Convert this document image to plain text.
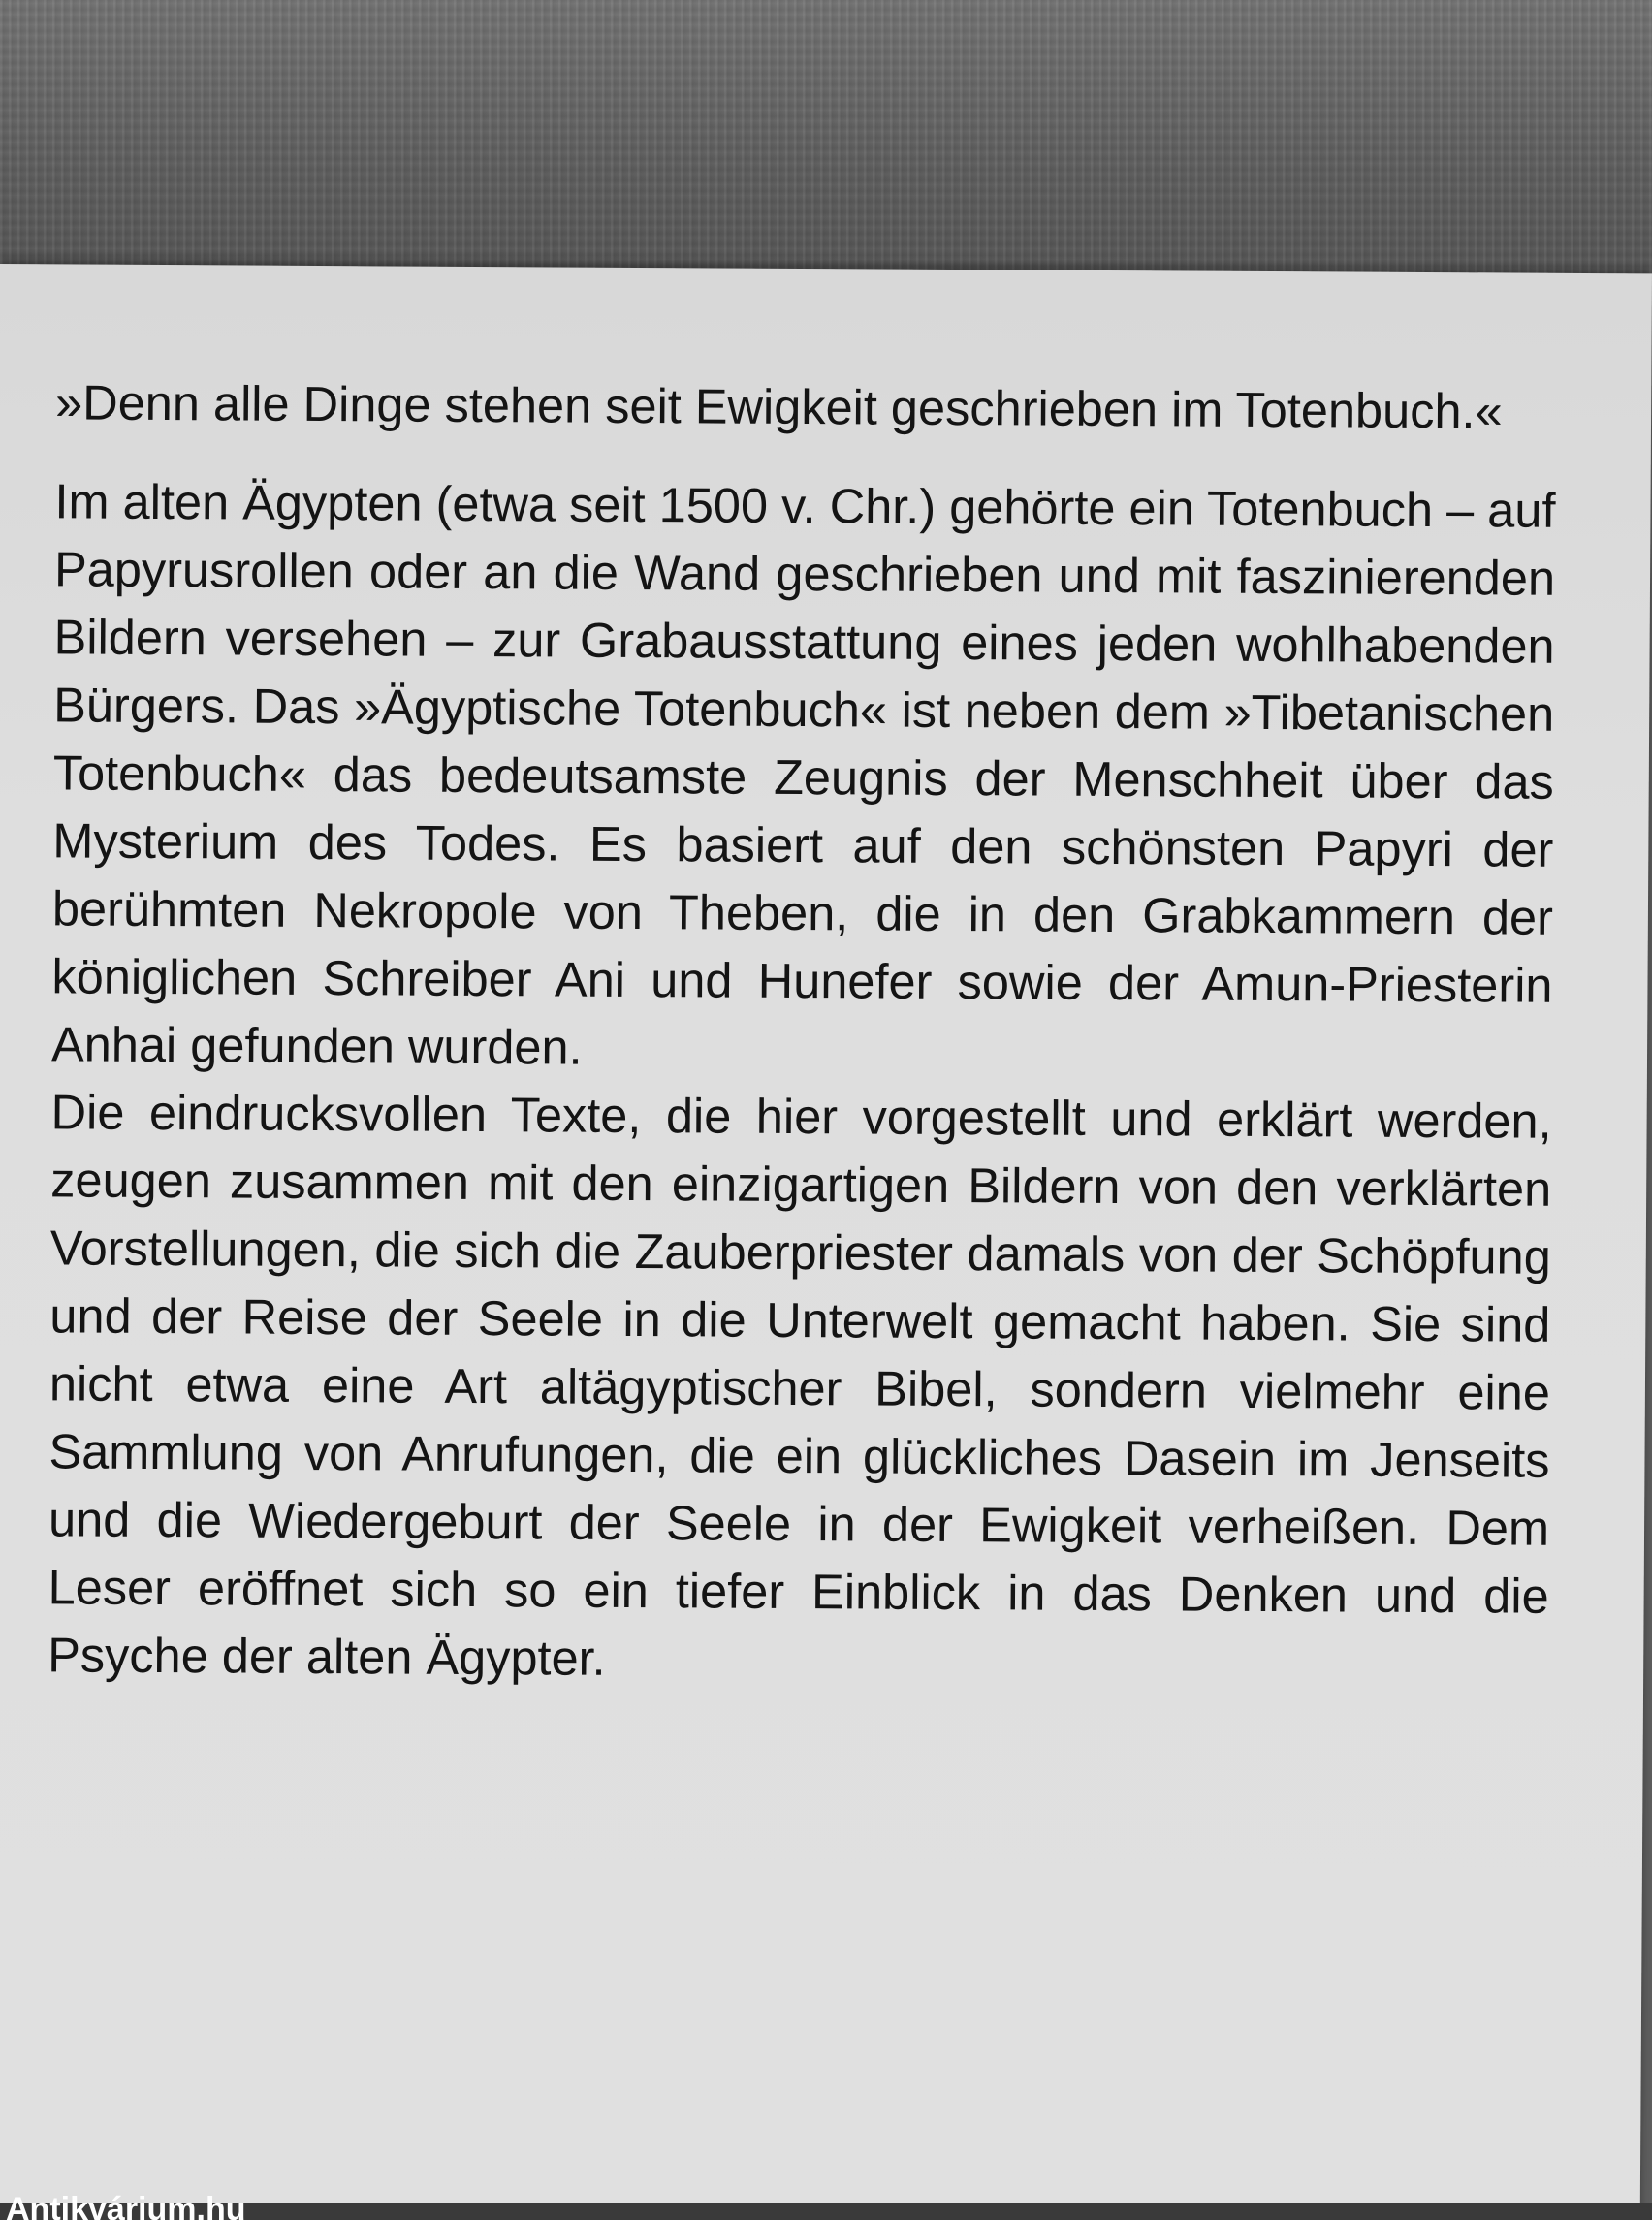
»Denn alle Dinge stehen seit Ewigkeit geschrieben im Totenbuch.«

Im alten Ägypten (etwa seit 1500 v. Chr.) gehörte ein Totenbuch – auf Papyrusrollen oder an die Wand geschrieben und mit faszinierenden Bildern versehen – zur Grabausstattung eines jeden wohlhabenden Bürgers. Das »Ägyptische Totenbuch« ist neben dem »Tibetanischen Totenbuch« das bedeutsamste Zeugnis der Menschheit über das Mysterium des Todes. Es basiert auf den schönsten Papyri der berühmten Nekropole von Theben, die in den Grabkammern der königlichen Schreiber Ani und Hunefer sowie der Amun-Priesterin Anhai gefunden wurden.

Die eindrucksvollen Texte, die hier vorgestellt und erklärt werden, zeugen zusammen mit den einzigartigen Bildern von den verklärten Vorstellungen, die sich die Zauberpriester damals von der Schöpfung und der Reise der Seele in die Unterwelt gemacht haben. Sie sind nicht etwa eine Art altägyptischer Bibel, sondern vielmehr eine Sammlung von Anrufungen, die ein glückliches Dasein im Jenseits und die Wiedergeburt der Seele in der Ewigkeit verheißen. Dem Leser eröffnet sich so ein tiefer Einblick in das Denken und die Psyche der alten Ägypter.

Antikvárium.hu
